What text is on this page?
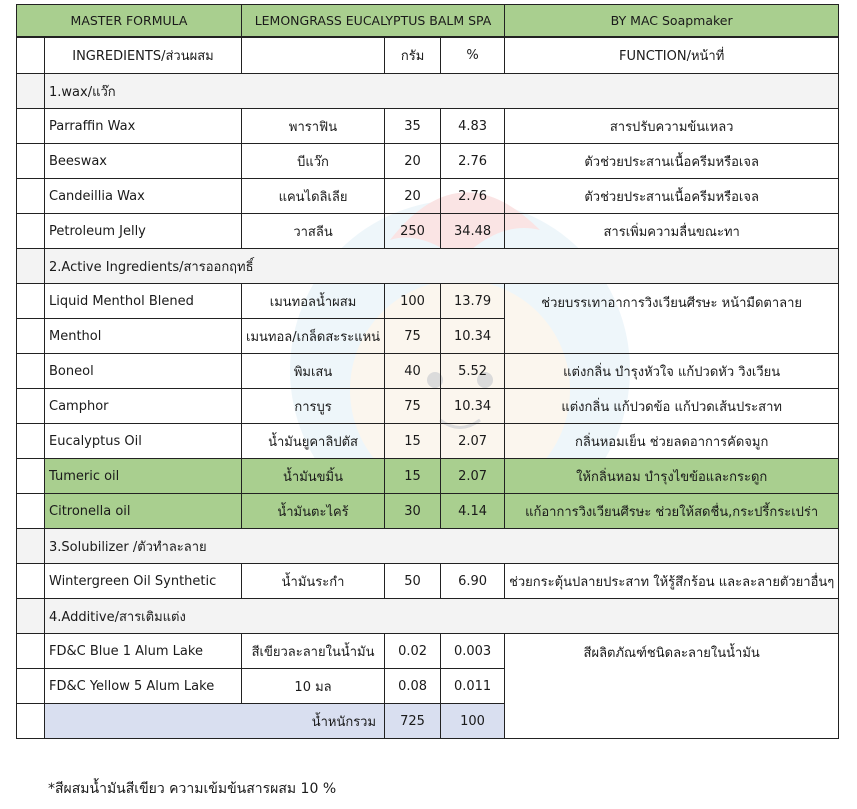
MASTER FORMULA		LEMONGRASS EUCALYPTUS BALM SPA			BY MAC Soapmaker
	INGREDIENTS/ส่วนผสม		กรัม	%	FUNCTION/หน้าที่
	1.wax/แว๊ก				
	Parraffin Wax	พาราฟิน	35	4.83	สารปรับความข้นเหลว
	Beeswax	บีแว๊ก	20	2.76	ตัวช่วยประสานเนื้อครีมหรือเจล
	Candeillia Wax	แคนไดลิเลีย	20	2.76	ตัวช่วยประสานเนื้อครีมหรือเจล
	Petroleum Jelly	วาสลีน	250	34.48	สารเพิ่มความลื่นขณะทา
	2.Active Ingredients/สารออกฤทธิ์				
	Liquid Menthol Blened	เมนทอลน้ำผสม	100	13.79	ช่วยบรรเทาอาการวิงเวียนศีรษะ หน้ามืดตาลาย
	Menthol	เมนทอล/เกล็ดสะระแหน่	75	10.34	
	Boneol	พิมเสน	40	5.52	แต่งกลิ่น บำรุงหัวใจ แก้ปวดหัว วิงเวียน
	Camphor	การบูร	75	10.34	แต่งกลิ่น แก้ปวดข้อ แก้ปวดเส้นประสาท
	Eucalyptus Oil	น้ำมันยูคาลิปตัส	15	2.07	กลิ่นหอมเย็น ช่วยลดอาการคัดจมูก
	Tumeric oil	น้ำมันขมิ้น	15	2.07	ให้กลิ่นหอม บำรุงไขข้อและกระดูก
	Citronella oil	น้ำมันตะไคร้	30	4.14	แก้อาการวิงเวียนศีรษะ ช่วยให้สดชื่น,กระปรี้กระเปร่า
	3.Solubilizer /ตัวทำละลาย				
	Wintergreen Oil Synthetic	น้ำมันระกำ	50	6.90	ช่วยกระตุ้นปลายประสาท ให้รู้สึกร้อน และละลายตัวยาอื่นๆ
	4.Additive/สารเติมแต่ง				
	FD&C Blue 1 Alum Lake	สีเขียวละลายในน้ำมัน	0.02	0.003	สีผลิตภัณฑ์ชนิดละลายในน้ำมัน
	FD&C Yellow 5 Alum Lake	10 มล	0.08	0.011	
	น้ำหนักรวม		725	100	
*สีผสมน้ำมันสีเขียว ความเข้มข้นสารผสม 10 %
